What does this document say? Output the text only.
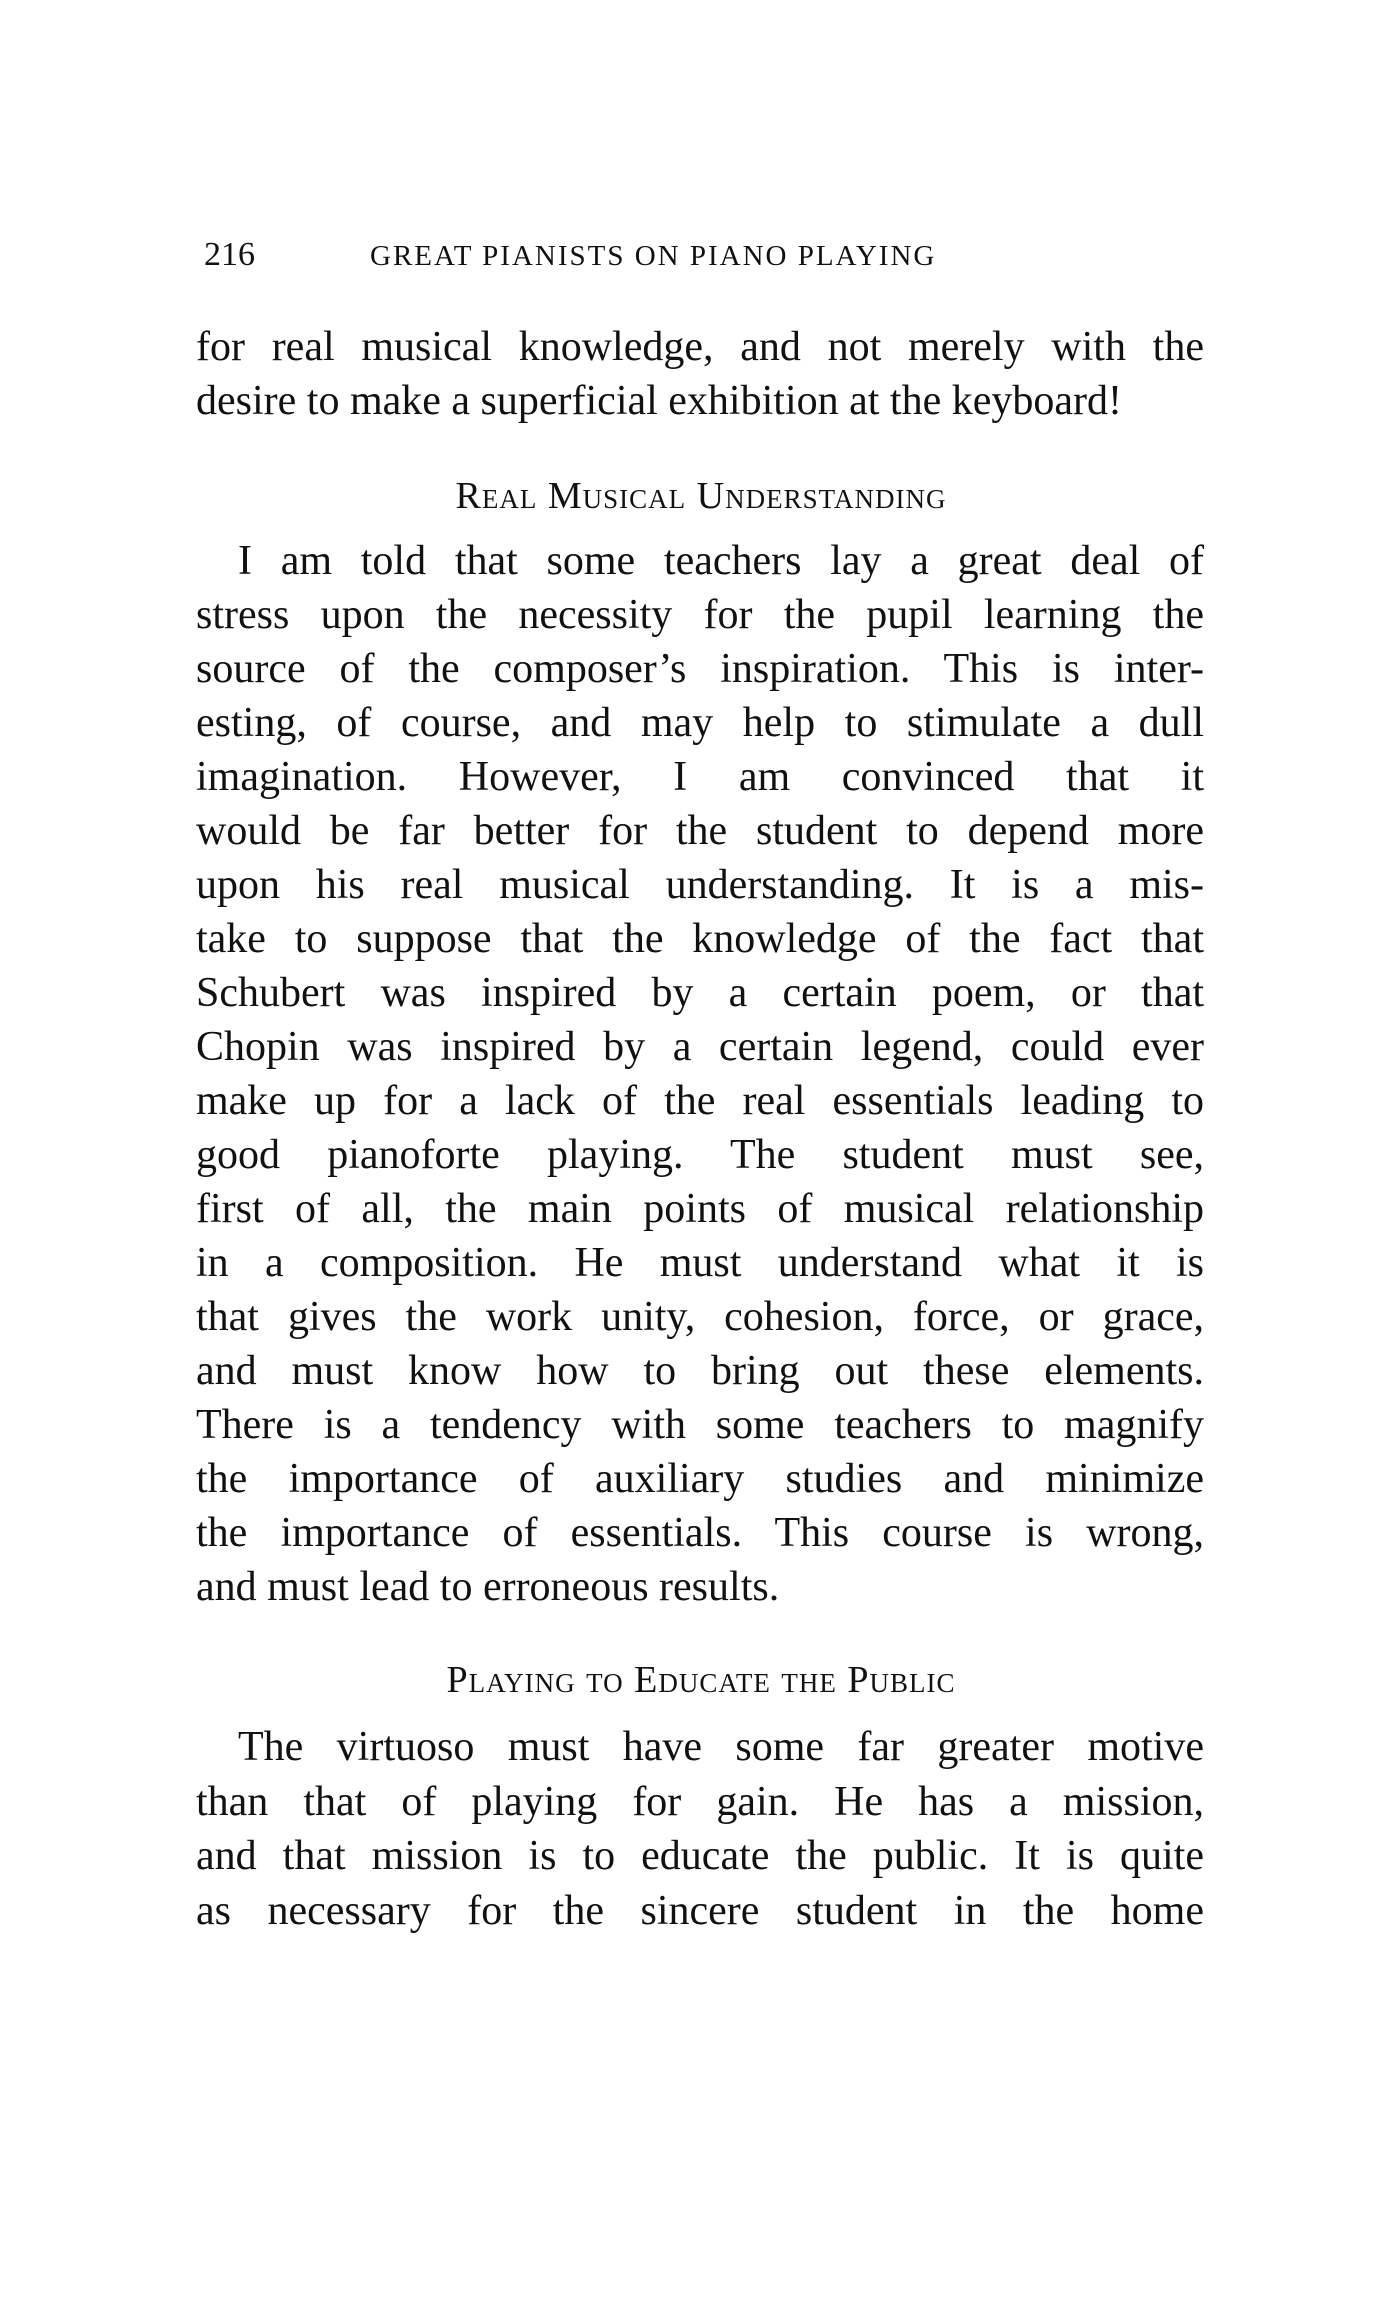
216	GREAT PIANISTS ON PIANO PLAYING
for real musical knowledge, and not merely with the
desire to make a superficial exhibition at the keyboard!
Real Musical Understanding
I am told that some teachers lay a great deal of
stress upon the necessity for the pupil learning the
source of the composer’s inspiration. This is inter-
esting, of course, and may help to stimulate a dull
imagination. However, I am convinced that it
would be far better for the student to depend more
upon his real musical understanding. It is a mis-
take to suppose that the knowledge of the fact that
Schubert was inspired by a certain poem, or that
Chopin was inspired by a certain legend, could ever
make up for a lack of the real essentials leading to
good pianoforte playing. The student must see,
first of all, the main points of musical relationship
in a composition. He must understand what it is
that gives the work unity, cohesion, force, or grace,
and must know how to bring out these elements.
There is a tendency with some teachers to magnify
the importance of auxiliary studies and minimize
the importance of essentials. This course is wrong,
and must lead to erroneous results.
Playing to Educate the Public
The virtuoso must have some far greater motive
than that of playing for gain. He has a mission,
and that mission is to educate the public. It is quite
as necessary for the sincere student in the home
